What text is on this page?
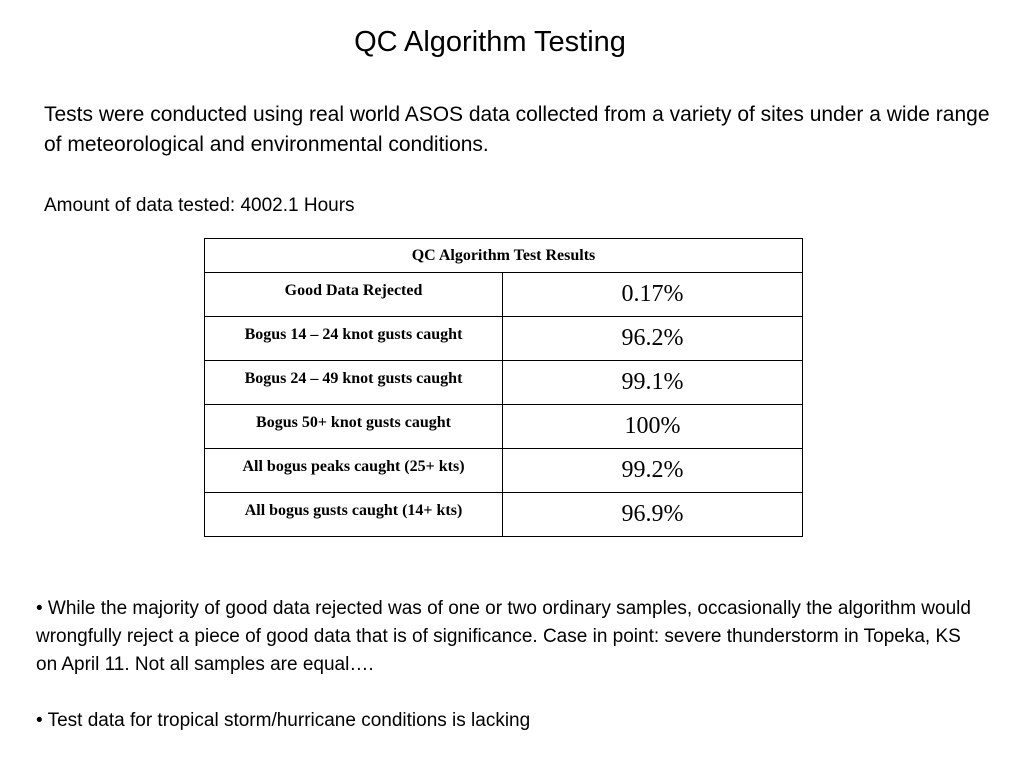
QC Algorithm Testing
Tests were conducted using real world ASOS data collected from a variety of sites under a wide range of meteorological and environmental conditions.
Amount of data tested: 4002.1 Hours
QC Algorithm Test Results	
Good Data Rejected	0.17%
Bogus 14 – 24 knot gusts caught	96.2%
Bogus 24 – 49 knot gusts caught	99.1%
Bogus 50+ knot gusts caught	100%
All bogus peaks caught (25+ kts)	99.2%
All bogus gusts caught (14+ kts)	96.9%

• While the majority of good data rejected was of one or two ordinary samples, occasionally the algorithm would wrongfully reject a piece of good data that is of significance. Case in point: severe thunderstorm in Topeka, KS on April 11. Not all samples are equal….

• Test data for tropical storm/hurricane conditions is lacking
